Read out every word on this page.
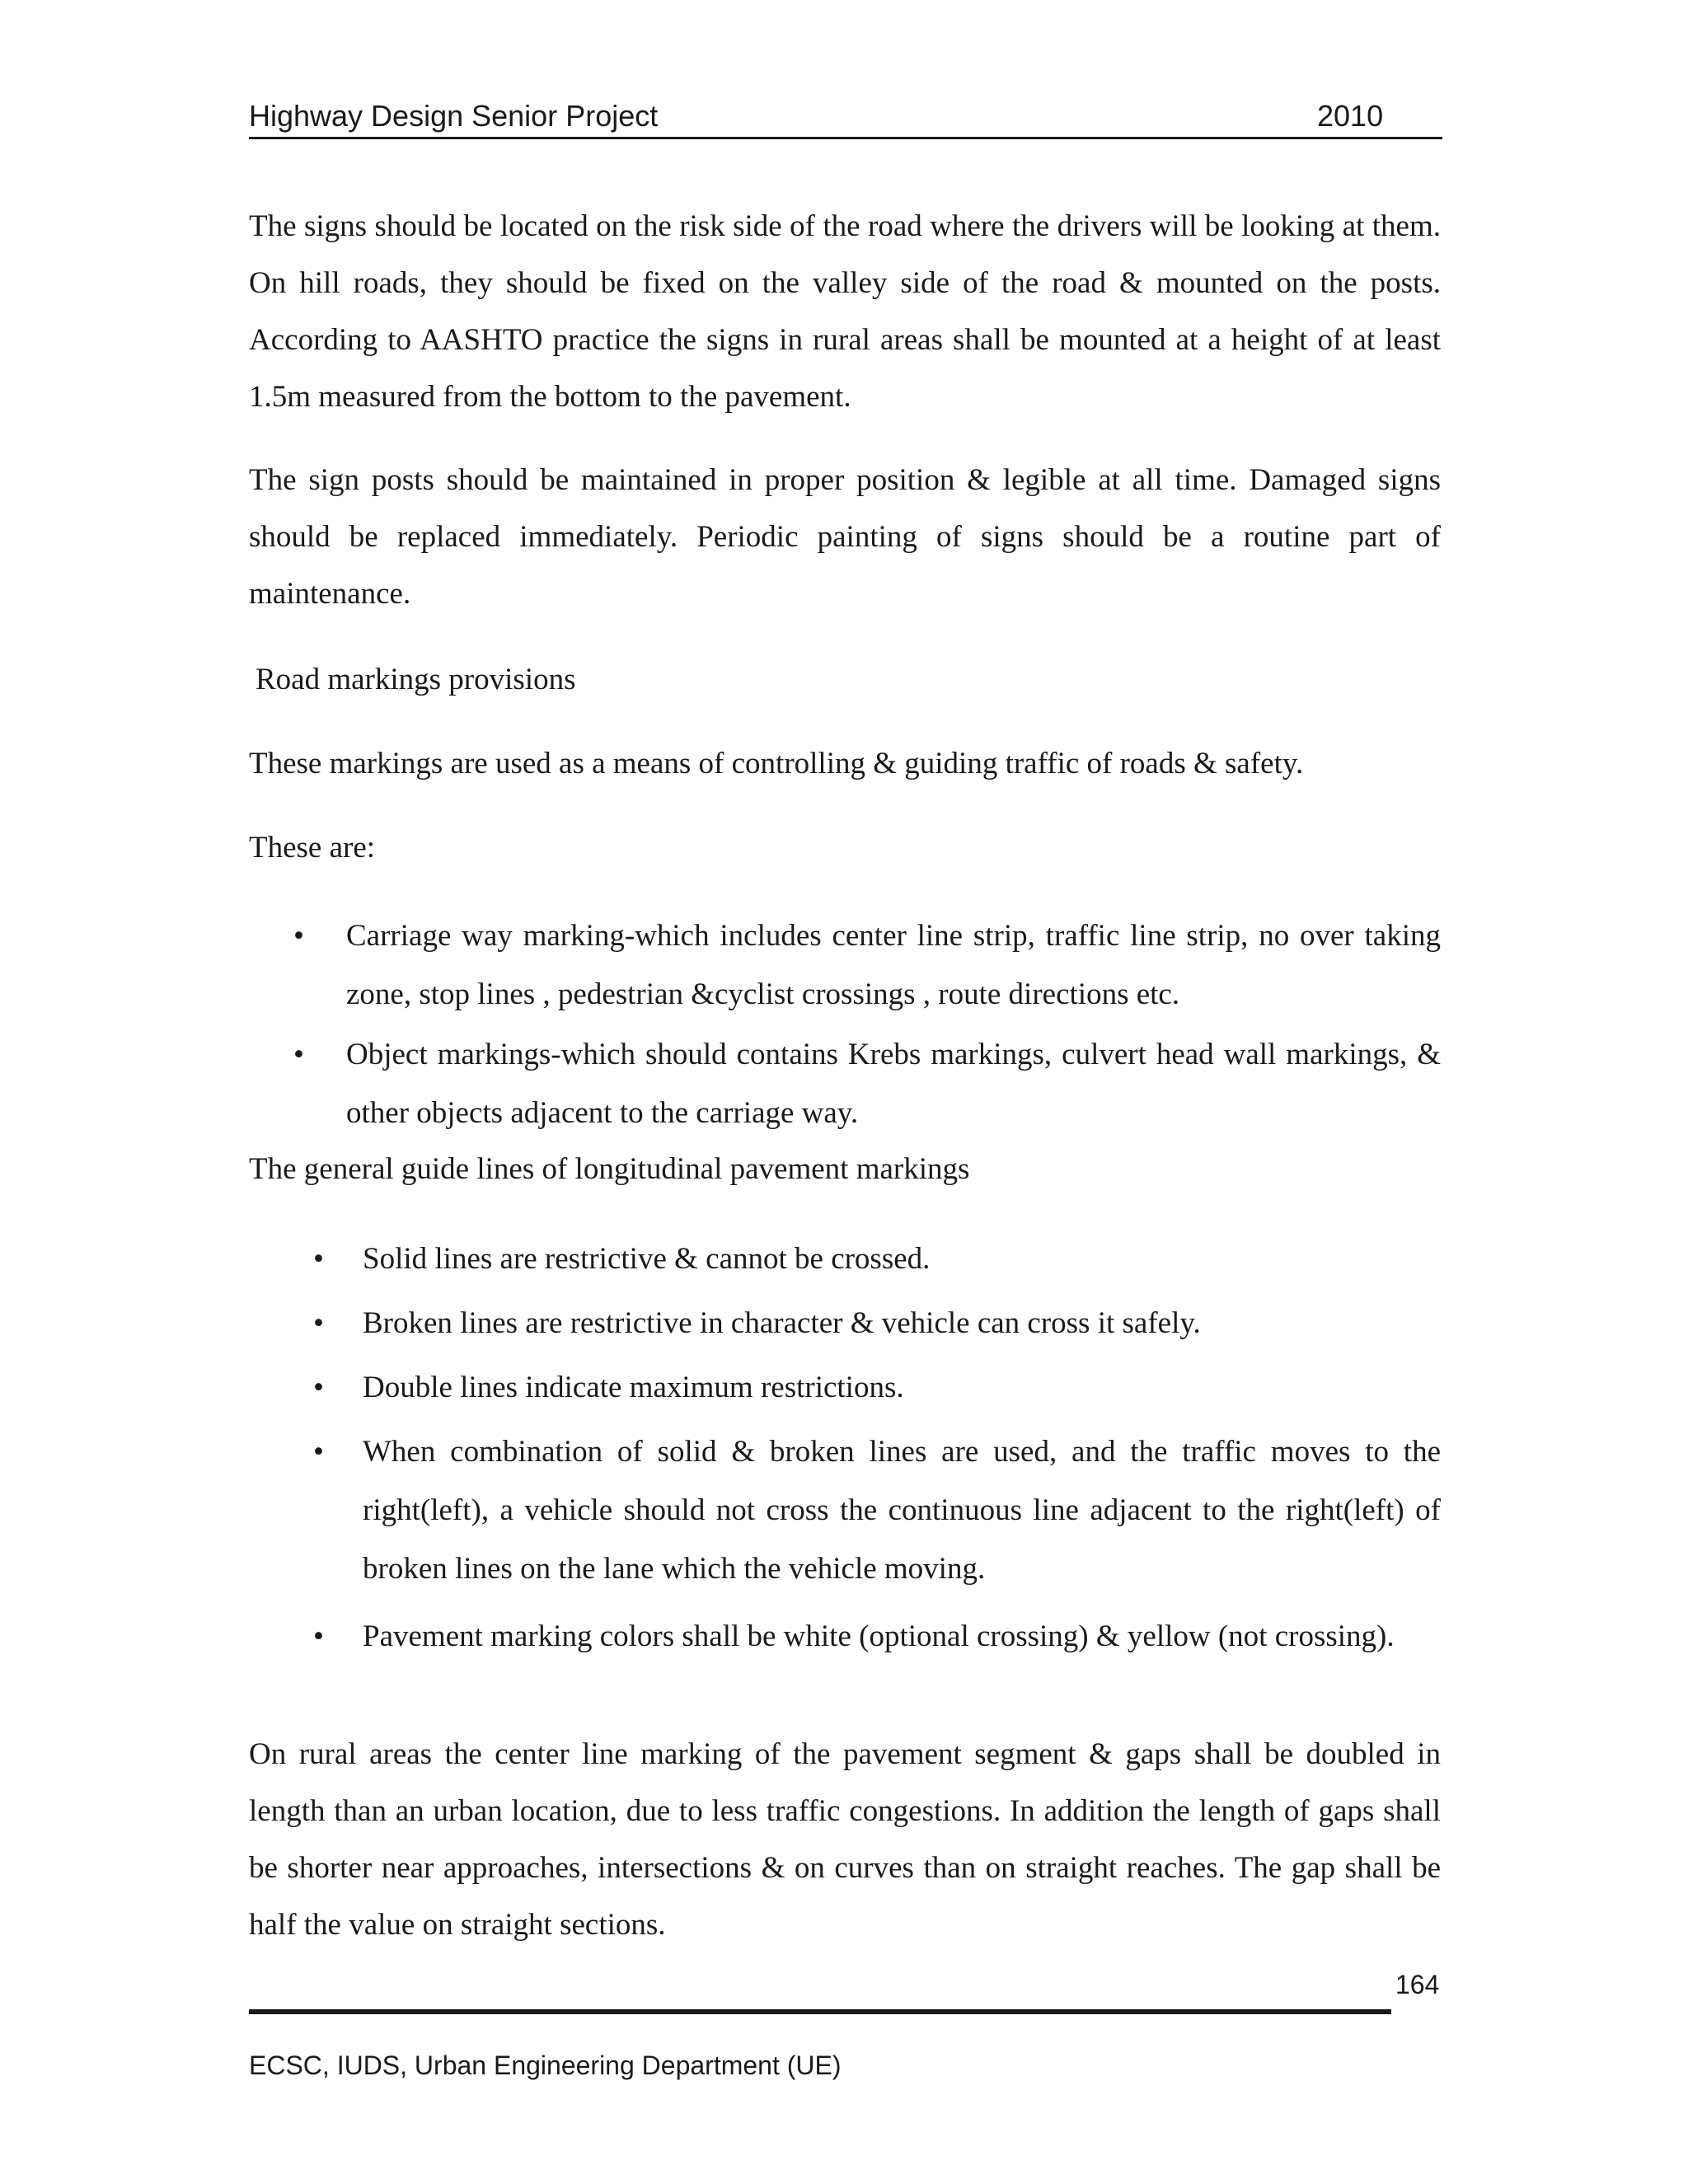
Highway Design Senior Project	2010

The signs should be located on the risk side of the road where the drivers will be looking at them. On hill roads, they should be fixed on the valley side of the road & mounted on the posts. According to AASHTO practice the signs in rural areas shall be mounted at a height of at least 1.5m measured from the bottom to the pavement.

The sign posts should be maintained in proper position & legible at all time. Damaged signs should be replaced immediately. Periodic painting of signs should be a routine part of maintenance.

Road markings provisions

These markings are used as a means of controlling & guiding traffic of roads & safety.

These are:

• Carriage way marking-which includes center line strip, traffic line strip, no over taking zone, stop lines , pedestrian &cyclist crossings , route directions etc.
• Object markings-which should contains Krebs markings, culvert head wall markings, & other objects adjacent to the carriage way.

The general guide lines of longitudinal pavement markings

• Solid lines are restrictive & cannot be crossed.
• Broken lines are restrictive in character & vehicle can cross it safely.
• Double lines indicate maximum restrictions.
• When combination of solid & broken lines are used, and the traffic moves to the right(left), a vehicle should not cross the continuous line adjacent to the right(left) of broken lines on the lane which the vehicle moving.
• Pavement marking colors shall be white (optional crossing) & yellow (not crossing).

On rural areas the center line marking of the pavement segment & gaps shall be doubled in length than an urban location, due to less traffic congestions. In addition the length of gaps shall be shorter near approaches, intersections & on curves than on straight reaches. The gap shall be half the value on straight sections.

164
ECSC, IUDS, Urban Engineering Department (UE)
